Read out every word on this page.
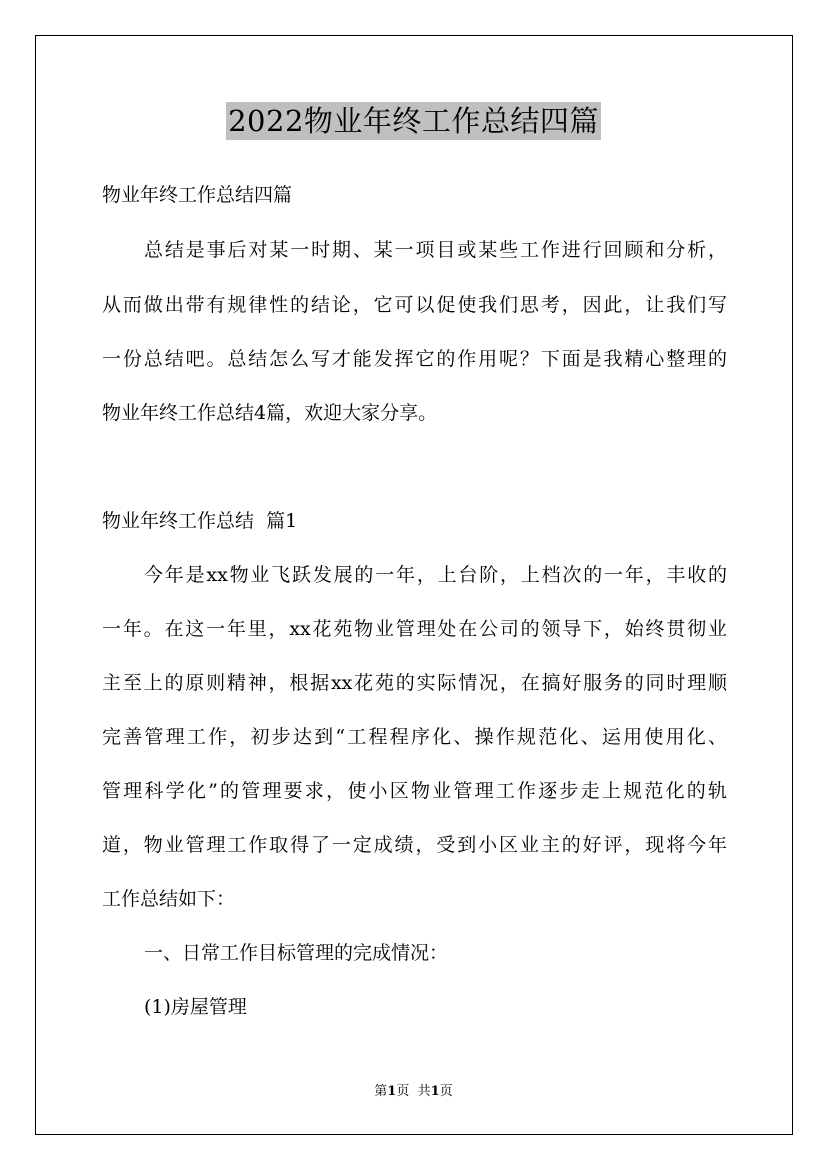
2022物业年终工作总结四篇
物业年终工作总结四篇
总结是事后对某一时期、某一项目或某些工作进行回顾和分析，
从而做出带有规律性的结论，它可以促使我们思考，因此，让我们写
一份总结吧。总结怎么写才能发挥它的作用呢？下面是我精心整理的
物业年终工作总结4篇，欢迎大家分享。
物业年终工作总结  篇1
今年是xx物业飞跃发展的一年，上台阶，上档次的一年，丰收的
一年。在这一年里，xx花苑物业管理处在公司的领导下，始终贯彻业
主至上的原则精神，根据xx花苑的实际情况，在搞好服务的同时理顺
完善管理工作，初步达到“工程程序化、操作规范化、运用使用化、
管理科学化”的管理要求，使小区物业管理工作逐步走上规范化的轨
道，物业管理工作取得了一定成绩，受到小区业主的好评，现将今年
工作总结如下：
一、日常工作目标管理的完成情况：
(1)房屋管理
第1页 共1页
